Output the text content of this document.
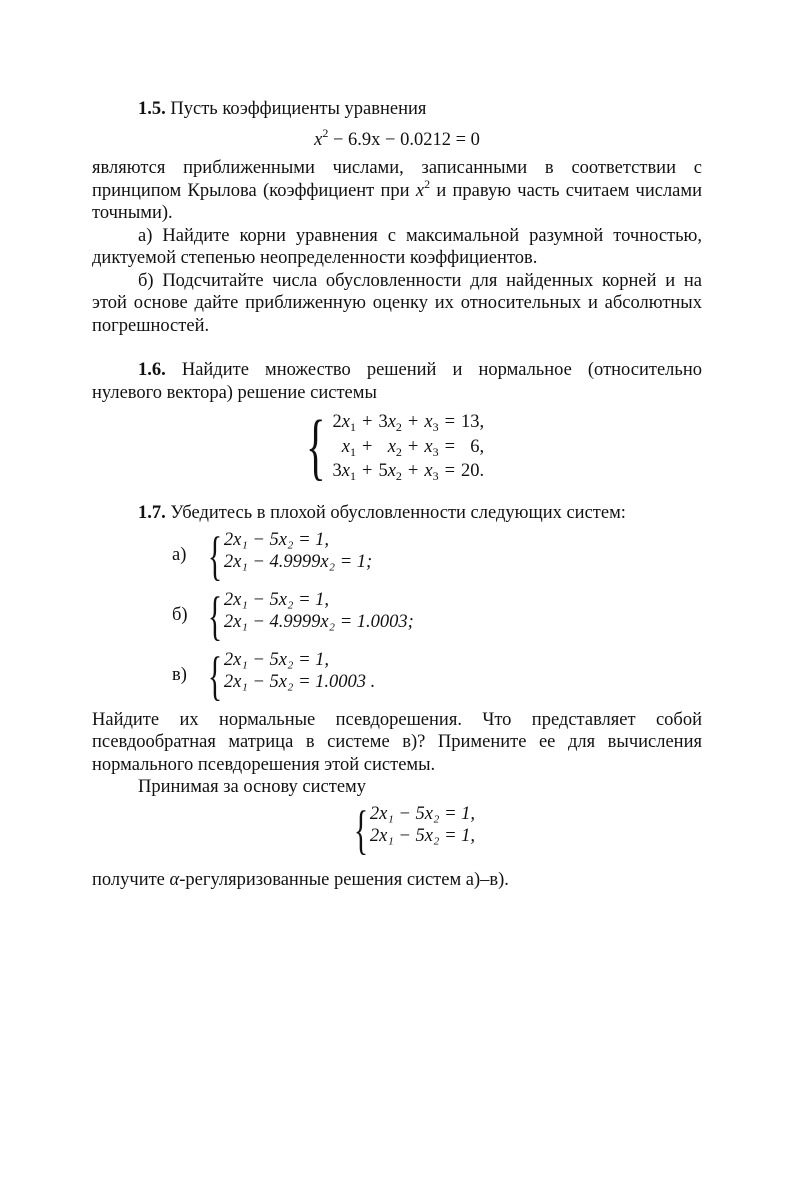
1.5. Пусть коэффициенты уравнения

$x^2 - 6.9x - 0.0212 = 0$

являются приближенными числами, записанными в соответствии с принципом Крылова (коэффициент при $x^2$ и правую часть считаем числами точными).

а) Найдите корни уравнения с максимальной разумной точностью, диктуемой степенью неопределенности коэффициентов.

б) Подсчитайте числа обусловленности для найденных корней и на этой основе дайте приближенную оценку их относительных и абсолютных погрешностей.

1.6. Найдите множество решений и нормальное (относительно нулевого вектора) решение системы

{ $2x_1$	+	$3x_2$	+	$x_3$	=	13,
$x_1$	+	$x_2$	+	$x_3$	=	6,
$3x_1$	+	$5x_2$	+	$x_3$	=	20.

1.7. Убедитесь в плохой обусловленности следующих систем:

а) { 2x₁ − 5x₂ = 1,
2x₁ − 4.9999x₂ = 1;
б) { 2x₁ − 5x₂ = 1,
2x₁ − 4.9999x₂ = 1.0003;
в) { 2x₁ − 5x₂ = 1,
2x₁ − 5x₂ = 1.0003 .

Найдите их нормальные псевдорешения. Что представляет собой псевдообратная матрица в системе в)? Примените ее для вычисления нормального псевдорешения этой системы.

Принимая за основу систему

{ 2x₁ − 5x₂ = 1,
2x₁ − 5x₂ = 1,

получите α-регуляризованные решения систем а)–в).
